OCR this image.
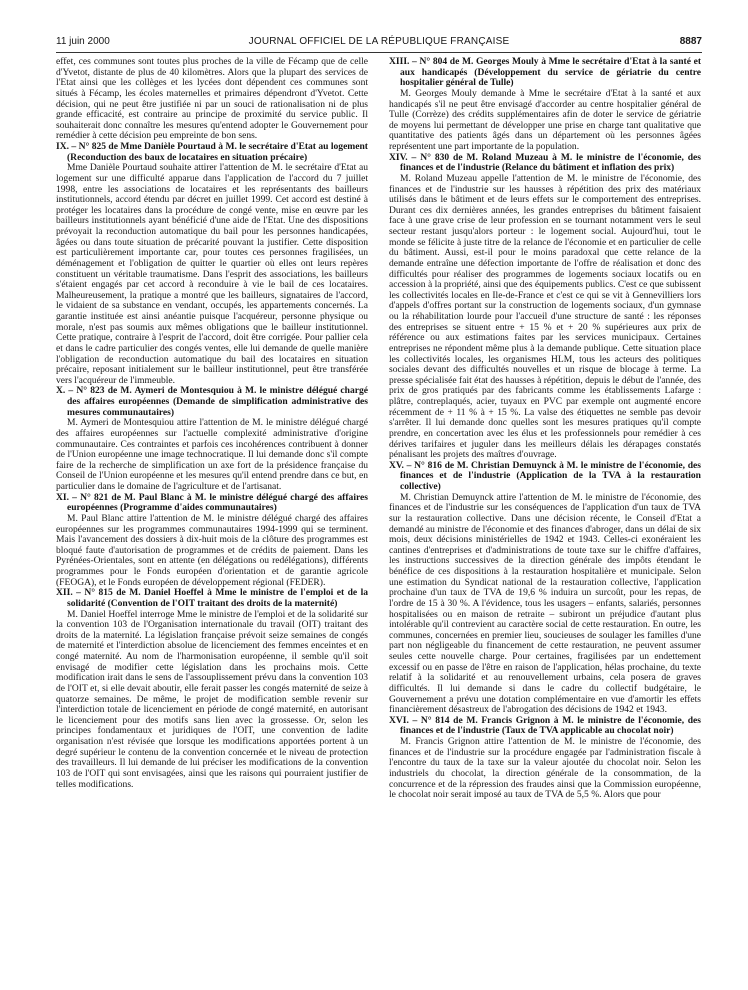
11 juin 2000	JOURNAL OFFICIEL DE LA RÉPUBLIQUE FRANÇAISE	8887

effet, ces communes sont toutes plus proches de la ville de Fécamp que de celle d'Yvetot, distante de plus de 40 kilomètres. Alors que la plupart des services de l'Etat ainsi que les collèges et les lycées dont dépendent ces communes sont situés à Fécamp, les écoles maternelles et primaires dépendront d'Yvetot. Cette décision, qui ne peut être justifiée ni par un souci de rationalisation ni de plus grande efficacité, est contraire au principe de proximité du service public. Il souhaiterait donc connaître les mesures qu'entend adopter le Gouvernement pour remédier à cette décision peu empreinte de bon sens.

IX. – N° 825 de Mme Danièle Pourtaud à M. le secrétaire d'Etat au logement (Reconduction des baux de locataires en situation précaire)

Mme Danièle Pourtaud souhaite attirer l'attention de M. le secrétaire d'Etat au logement sur une difficulté apparue dans l'application de l'accord du 7 juillet 1998, entre les associations de locataires et les représentants des bailleurs institutionnels, accord étendu par décret en juillet 1999. Cet accord est destiné à protéger les locataires dans la procédure de congé vente, mise en œuvre par les bailleurs institutionnels ayant bénéficié d'une aide de l'Etat. Une des dispositions prévoyait la reconduction automatique du bail pour les personnes handicapées, âgées ou dans toute situation de précarité pouvant la justifier. Cette disposition est particulièrement importante car, pour toutes ces personnes fragilisées, un déménagement et l'obligation de quitter le quartier où elles ont leurs repères constituent un véritable traumatisme. Dans l'esprit des associations, les bailleurs s'étaient engagés par cet accord à reconduire à vie le bail de ces locataires. Malheureusement, la pratique a montré que les bailleurs, signataires de l'accord, le vidaient de sa substance en vendant, occupés, les appartements concernés. La garantie instituée est ainsi anéantie puisque l'acquéreur, personne physique ou morale, n'est pas soumis aux mêmes obligations que le bailleur institutionnel. Cette pratique, contraire à l'esprit de l'accord, doit être corrigée. Pour pallier cela et dans le cadre particulier des congés ventes, elle lui demande de quelle manière l'obligation de reconduction automatique du bail des locataires en situation précaire, reposant initialement sur le bailleur institutionnel, peut être transférée vers l'acquéreur de l'immeuble.

X. – N° 823 de M. Aymeri de Montesquiou à M. le ministre délégué chargé des affaires européennes (Demande de simplification administrative des mesures communautaires)

M. Aymeri de Montesquiou attire l'attention de M. le ministre délégué chargé des affaires européennes sur l'actuelle complexité administrative d'origine communautaire. Ces contraintes et parfois ces incohérences contribuent à donner de l'Union européenne une image technocratique. Il lui demande donc s'il compte faire de la recherche de simplification un axe fort de la présidence française du Conseil de l'Union européenne et les mesures qu'il entend prendre dans ce but, en particulier dans le domaine de l'agriculture et de l'artisanat.

XI. – N° 821 de M. Paul Blanc à M. le ministre délégué chargé des affaires européennes (Programme d'aides communautaires)

M. Paul Blanc attire l'attention de M. le ministre délégué chargé des affaires européennes sur les programmes communautaires 1994-1999 qui se terminent. Mais l'avancement des dossiers à dix-huit mois de la clôture des programmes est bloqué faute d'autorisation de programmes et de crédits de paiement. Dans les Pyrénées-Orientales, sont en attente (en délégations ou redélégations), différents programmes pour le Fonds européen d'orientation et de garantie agricole (FEOGA), et le Fonds européen de développement régional (FEDER).

XII. – N° 815 de M. Daniel Hoeffel à Mme le ministre de l'emploi et de la solidarité (Convention de l'OIT traitant des droits de la maternité)

M. Daniel Hoeffel interroge Mme le ministre de l'emploi et de la solidarité sur la convention 103 de l'Organisation internationale du travail (OIT) traitant des droits de la maternité. La législation française prévoit seize semaines de congés de maternité et l'interdiction absolue de licenciement des femmes enceintes et en congé maternité. Au nom de l'harmonisation européenne, il semble qu'il soit envisagé de modifier cette législation dans les prochains mois. Cette modification irait dans le sens de l'assouplissement prévu dans la convention 103 de l'OIT et, si elle devait aboutir, elle ferait passer les congés maternité de seize à quatorze semaines. De même, le projet de modification semble revenir sur l'interdiction totale de licenciement en période de congé maternité, en autorisant le licenciement pour des motifs sans lien avec la grossesse. Or, selon les principes fondamentaux et juridiques de l'OIT, une convention de ladite organisation n'est révisée que lorsque les modifications apportées portent à un degré supérieur le contenu de la convention concernée et le niveau de protection des travailleurs. Il lui demande de lui préciser les modifications de la convention 103 de l'OIT qui sont envisagées, ainsi que les raisons qui pourraient justifier de telles modifications.

XIII. – N° 804 de M. Georges Mouly à Mme le secrétaire d'Etat à la santé et aux handicapés (Développement du service de gériatrie du centre hospitalier général de Tulle)

M. Georges Mouly demande à Mme le secrétaire d'Etat à la santé et aux handicapés s'il ne peut être envisagé d'accorder au centre hospitalier général de Tulle (Corrèze) des crédits supplémentaires afin de doter le service de gériatrie de moyens lui permettant de développer une prise en charge tant qualitative que quantitative des patients âgés dans un département où les personnes âgées représentent une part importante de la population.

XIV. – N° 830 de M. Roland Muzeau à M. le ministre de l'économie, des finances et de l'industrie (Relance du bâtiment et inflation des prix)

M. Roland Muzeau appelle l'attention de M. le ministre de l'économie, des finances et de l'industrie sur les hausses à répétition des prix des matériaux utilisés dans le bâtiment et de leurs effets sur le comportement des entreprises. Durant ces dix dernières années, les grandes entreprises du bâtiment faisaient face à une grave crise de leur profession en se tournant notamment vers le seul secteur restant jusqu'alors porteur : le logement social. Aujourd'hui, tout le monde se félicite à juste titre de la relance de l'économie et en particulier de celle du bâtiment. Aussi, est-il pour le moins paradoxal que cette relance de la demande entraîne une défection importante de l'offre de réalisation et donc des difficultés pour réaliser des programmes de logements sociaux locatifs ou en accession à la propriété, ainsi que des équipements publics. C'est ce que subissent les collectivités locales en Ile-de-France et c'est ce qui se vit à Gennevilliers lors d'appels d'offres portant sur la construction de logements sociaux, d'un gymnase ou la réhabilitation lourde pour l'accueil d'une structure de santé : les réponses des entreprises se situent entre + 15 % et + 20 % supérieures aux prix de référence ou aux estimations faites par les services municipaux. Certaines entreprises ne répondent même plus à la demande publique. Cette situation place les collectivités locales, les organismes HLM, tous les acteurs des politiques sociales devant des difficultés nouvelles et un risque de blocage à terme. La presse spécialisée fait état des hausses à répétition, depuis le début de l'année, des prix de gros pratiqués par des fabricants comme les établissements Lafarge : plâtre, contreplaqués, acier, tuyaux en PVC par exemple ont augmenté encore récemment de + 11 % à + 15 %. La valse des étiquettes ne semble pas devoir s'arrêter. Il lui demande donc quelles sont les mesures pratiques qu'il compte prendre, en concertation avec les élus et les professionnels pour remédier à ces dérives tarifaires et juguler dans les meilleurs délais les dérapages constatés pénalisant les projets des maîtres d'ouvrage.

XV. – N° 816 de M. Christian Demuynck à M. le ministre de l'économie, des finances et de l'industrie (Application de la TVA à la restauration collective)

M. Christian Demuynck attire l'attention de M. le ministre de l'économie, des finances et de l'industrie sur les conséquences de l'application d'un taux de TVA sur la restauration collective. Dans une décision récente, le Conseil d'Etat a demandé au ministre de l'économie et des finances d'abroger, dans un délai de six mois, deux décisions ministérielles de 1942 et 1943. Celles-ci exonéraient les cantines d'entreprises et d'administrations de toute taxe sur le chiffre d'affaires, les instructions successives de la direction générale des impôts étendant le bénéfice de ces dispositions à la restauration hospitalière et municipale. Selon une estimation du Syndicat national de la restauration collective, l'application prochaine d'un taux de TVA de 19,6 % induira un surcoût, pour les repas, de l'ordre de 15 à 30 %. A l'évidence, tous les usagers – enfants, salariés, personnes hospitalisées ou en maison de retraite – subiront un préjudice d'autant plus intolérable qu'il contrevient au caractère social de cette restauration. En outre, les communes, concernées en premier lieu, soucieuses de soulager les familles d'une part non négligeable du financement de cette restauration, ne peuvent assumer seules cette nouvelle charge. Pour certaines, fragilisées par un endettement excessif ou en passe de l'être en raison de l'application, hélas prochaine, du texte relatif à la solidarité et au renouvellement urbains, cela posera de graves difficultés. Il lui demande si dans le cadre du collectif budgétaire, le Gouvernement a prévu une dotation complémentaire en vue d'amortir les effets financièrement désastreux de l'abrogation des décisions de 1942 et 1943.

XVI. – N° 814 de M. Francis Grignon à M. le ministre de l'économie, des finances et de l'industrie (Taux de TVA applicable au chocolat noir)

M. Francis Grignon attire l'attention de M. le ministre de l'économie, des finances et de l'industrie sur la procédure engagée par l'administration fiscale à l'encontre du taux de la taxe sur la valeur ajoutée du chocolat noir. Selon les industriels du chocolat, la direction générale de la consommation, de la concurrence et de la répression des fraudes ainsi que la Commission européenne, le chocolat noir serait imposé au taux de TVA de 5,5 %. Alors que pour
